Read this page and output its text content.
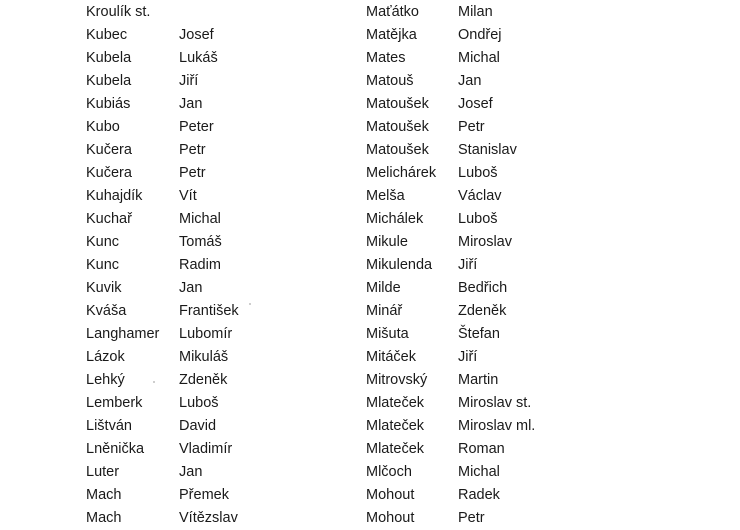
Kroulík st.
Kubec	Josef
Kubela	Lukáš
Kubela	Jiří
Kubiás	Jan
Kubo	Peter
Kučera	Petr
Kučera	Petr
Kuhajdík	Vít
Kuchař	Michal
Kunc	Tomáš
Kunc	Radim
Kuvik	Jan
Kváša	František
Langhamer	Lubomír
Lázok	Mikuláš
Lehký	Zdeněk
Lemberk	Luboš
Lištván	David
Lněnička	Vladimír
Luter	Jan
Mach	Přemek
Mach	Vítězslav
Maťátko	Milan
Matějka	Ondřej
Mates	Michal
Matouš	Jan
Matoušek	Josef
Matoušek	Petr
Matoušek	Stanislav
Melichárek	Luboš
Melša	Václav
Michálek	Luboš
Mikule	Miroslav
Mikulenda	Jiří
Milde	Bedřich
Minář	Zdeněk
Mišuta	Štefan
Mitáček	Jiří
Mitrovský	Martin
Mlateček	Miroslav st.
Mlateček	Miroslav ml.
Mlateček	Roman
Mlčoch	Michal
Mohout	Radek
Mohout	Petr
